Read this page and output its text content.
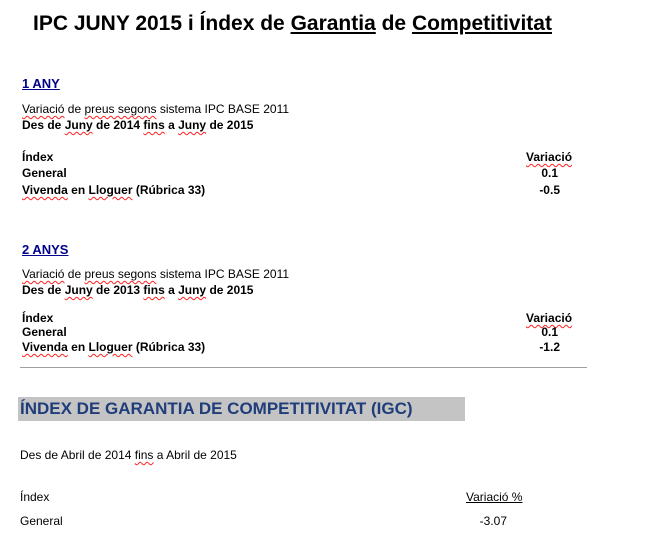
IPC JUNY 2015 i Índex de Garantia de Competitivitat
1 ANY
Variació de preus segons sistema IPC BASE 2011
Des de Juny de 2014 fins a Juny de 2015
Índex	Variació
General	0.1
Vivenda en Lloguer (Rúbrica 33)	-0.5
2 ANYS
Variació de preus segons sistema IPC BASE 2011
Des de Juny de 2013 fins a Juny de 2015
Índex	Variació
General	0.1
Vivenda en Lloguer (Rúbrica 33)	-1.2
ÍNDEX DE GARANTIA DE COMPETITIVITAT (IGC)
Des de Abril de 2014 fins a Abril de 2015
Índex	Variació %
General	-3.07
